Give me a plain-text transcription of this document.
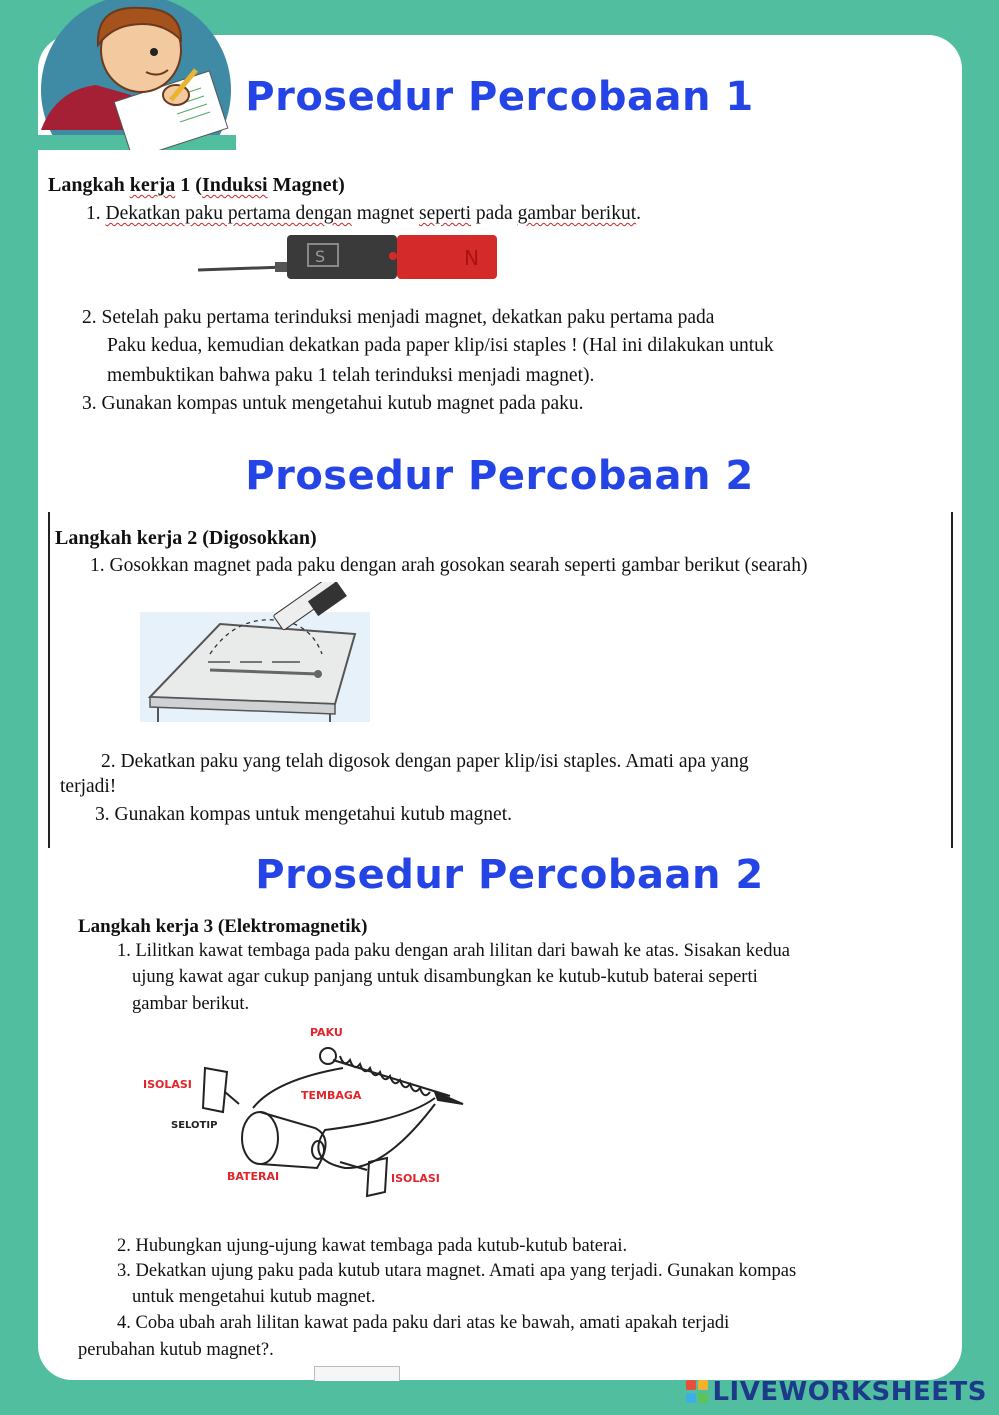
Prosedur Percobaan 1
Langkah kerja 1 (Induksi Magnet)
1. Dekatkan paku pertama dengan magnet seperti pada gambar berikut.
S	N
2. Setelah paku pertama terinduksi menjadi magnet, dekatkan paku pertama pada
Paku kedua, kemudian dekatkan pada paper klip/isi staples ! (Hal ini dilakukan untuk
membuktikan bahwa paku 1 telah terinduksi menjadi magnet).
3. Gunakan kompas untuk mengetahui kutub magnet pada paku.
Prosedur Percobaan 2
Langkah kerja 2 (Digosokkan)
1. Gosokkan magnet pada paku dengan arah gosokan searah seperti gambar berikut (searah)
2. Dekatkan paku yang telah digosok dengan paper klip/isi staples. Amati apa yang
terjadi!
3. Gunakan kompas untuk mengetahui kutub magnet.
Prosedur Percobaan 2
Langkah kerja 3 (Elektromagnetik)
1. Lilitkan kawat tembaga pada paku dengan arah lilitan dari bawah ke atas. Sisakan kedua
ujung kawat agar cukup panjang untuk disambungkan ke kutub-kutub baterai seperti
gambar berikut.
PAKU
ISOLASI
SELOTIP
TEMBAGA
BATERAI	ISOLASI
2. Hubungkan ujung-ujung kawat tembaga pada kutub-kutub baterai.
3. Dekatkan ujung paku pada kutub utara magnet. Amati apa yang terjadi. Gunakan kompas
untuk mengetahui kutub magnet.
4. Coba ubah arah lilitan kawat pada paku dari atas ke bawah, amati apakah terjadi
perubahan kutub magnet?.
LIVEWORKSHEETS
